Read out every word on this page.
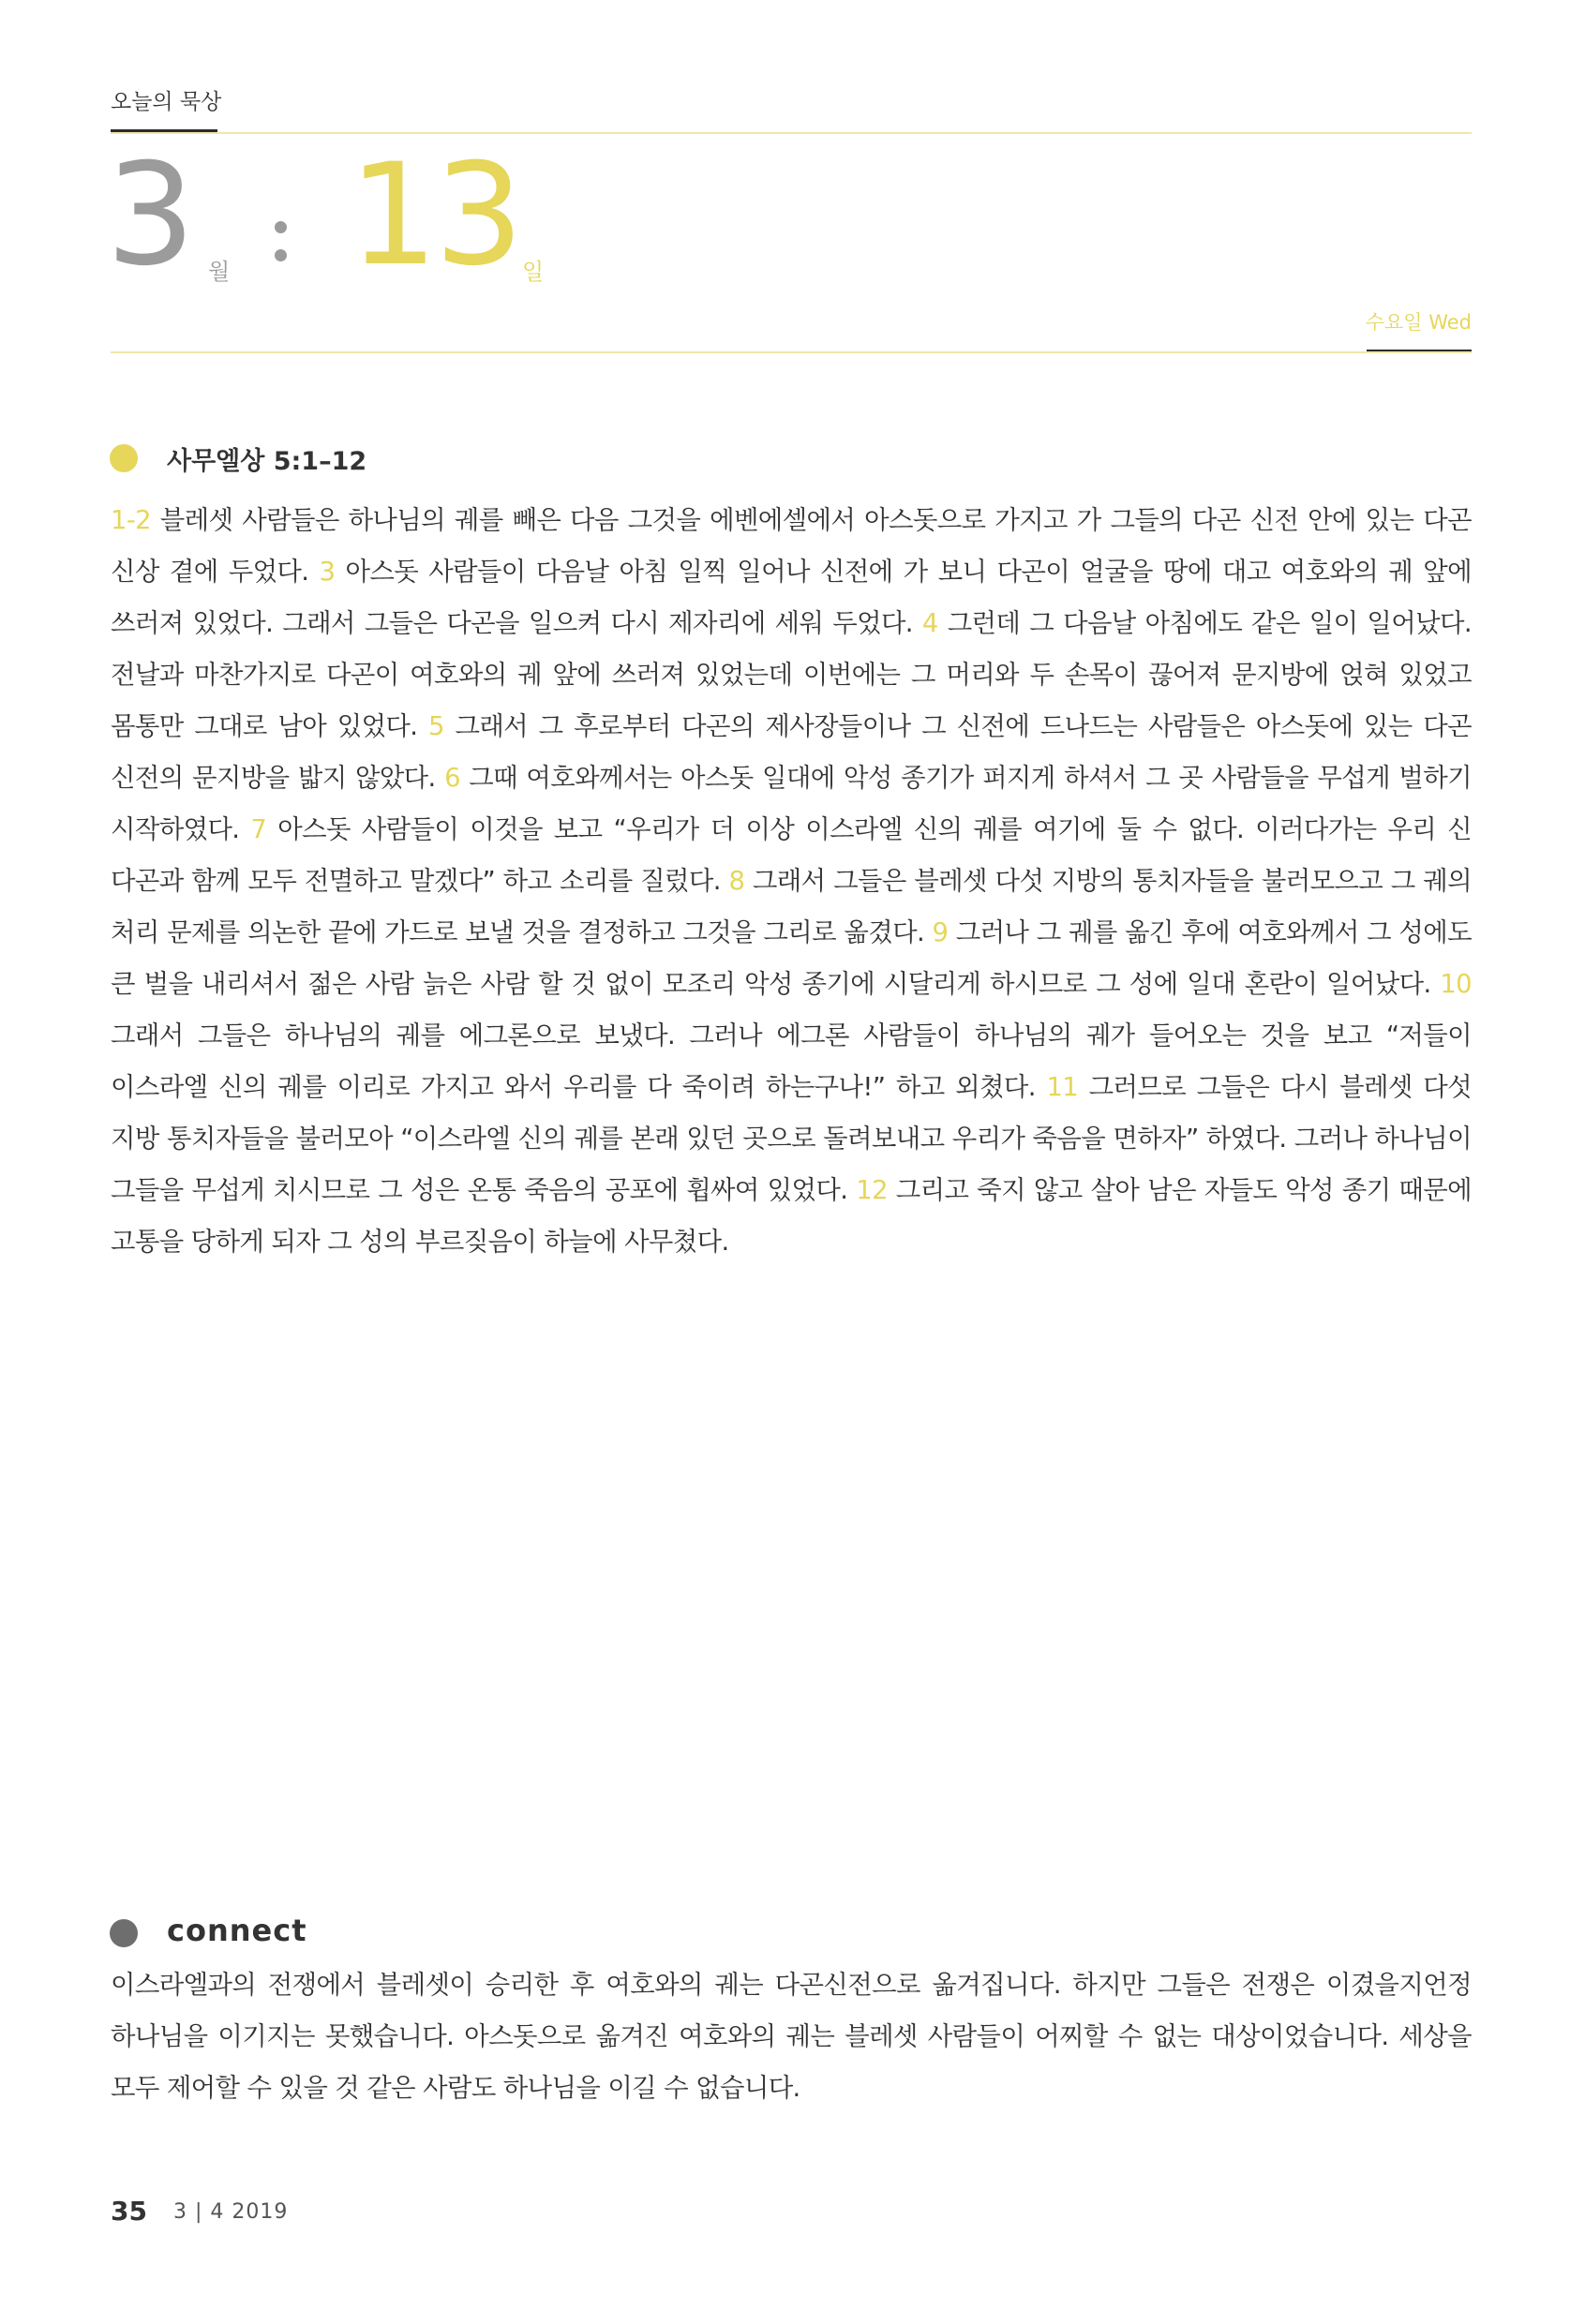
오늘의 묵상
3 월 13 일
수요일 Wed
사무엘상 5:1–12
1-2 블레셋 사람들은 하나님의 궤를 빼은 다음 그것을 에벤에셀에서 아스돗으로 가지고 가 그들의 다곤 신전 안에 있는 다곤 신상 곁에 두었다. 3 아스돗 사람들이 다음날 아침 일찍 일어나 신전에 가 보니 다곤이 얼굴을 땅에 대고 여호와의 궤 앞에 쓰러져 있었다. 그래서 그들은 다곤을 일으켜 다시 제자리에 세워 두었다. 4 그런데 그 다음날 아침에도 같은 일이 일어났다. 전날과 마찬가지로 다곤이 여호와의 궤 앞에 쓰러져 있었는데 이번에는 그 머리와 두 손목이 끊어져 문지방에 얹혀 있었고 몸통만 그대로 남아 있었다. 5 그래서 그 후로부터 다곤의 제사장들이나 그 신전에 드나드는 사람들은 아스돗에 있는 다곤 신전의 문지방을 밟지 않았다. 6 그때 여호와께서는 아스돗 일대에 악성 종기가 퍼지게 하셔서 그 곳 사람들을 무섭게 벌하기 시작하였다. 7 아스돗 사람들이 이것을 보고 “우리가 더 이상 이스라엘 신의 궤를 여기에 둘 수 없다. 이러다가는 우리 신 다곤과 함께 모두 전멸하고 말겠다” 하고 소리를 질렀다. 8 그래서 그들은 블레셋 다섯 지방의 통치자들을 불러모으고 그 궤의 처리 문제를 의논한 끝에 가드로 보낼 것을 결정하고 그것을 그리로 옮겼다. 9 그러나 그 궤를 옮긴 후에 여호와께서 그 성에도 큰 벌을 내리셔서 젊은 사람 늙은 사람 할 것 없이 모조리 악성 종기에 시달리게 하시므로 그 성에 일대 혼란이 일어났다. 10 그래서 그들은 하나님의 궤를 에그론으로 보냈다. 그러나 에그론 사람들이 하나님의 궤가 들어오는 것을 보고 “저들이 이스라엘 신의 궤를 이리로 가지고 와서 우리를 다 죽이려 하는구나!” 하고 외쳤다. 11 그러므로 그들은 다시 블레셋 다섯 지방 통치자들을 불러모아 “이스라엘 신의 궤를 본래 있던 곳으로 돌려보내고 우리가 죽음을 면하자” 하였다. 그러나 하나님이 그들을 무섭게 치시므로 그 성은 온통 죽음의 공포에 휩싸여 있었다. 12 그리고 죽지 않고 살아 남은 자들도 악성 종기 때문에 고통을 당하게 되자 그 성의 부르짖음이 하늘에 사무쳤다.
connect
이스라엘과의 전쟁에서 블레셋이 승리한 후 여호와의 궤는 다곤신전으로 옮겨집니다. 하지만 그들은 전쟁은 이겼을지언정 하나님을 이기지는 못했습니다. 아스돗으로 옮겨진 여호와의 궤는 블레셋 사람들이 어찌할 수 없는 대상이었습니다. 세상을 모두 제어할 수 있을 것 같은 사람도 하나님을 이길 수 없습니다.
35 3 | 4 2019
